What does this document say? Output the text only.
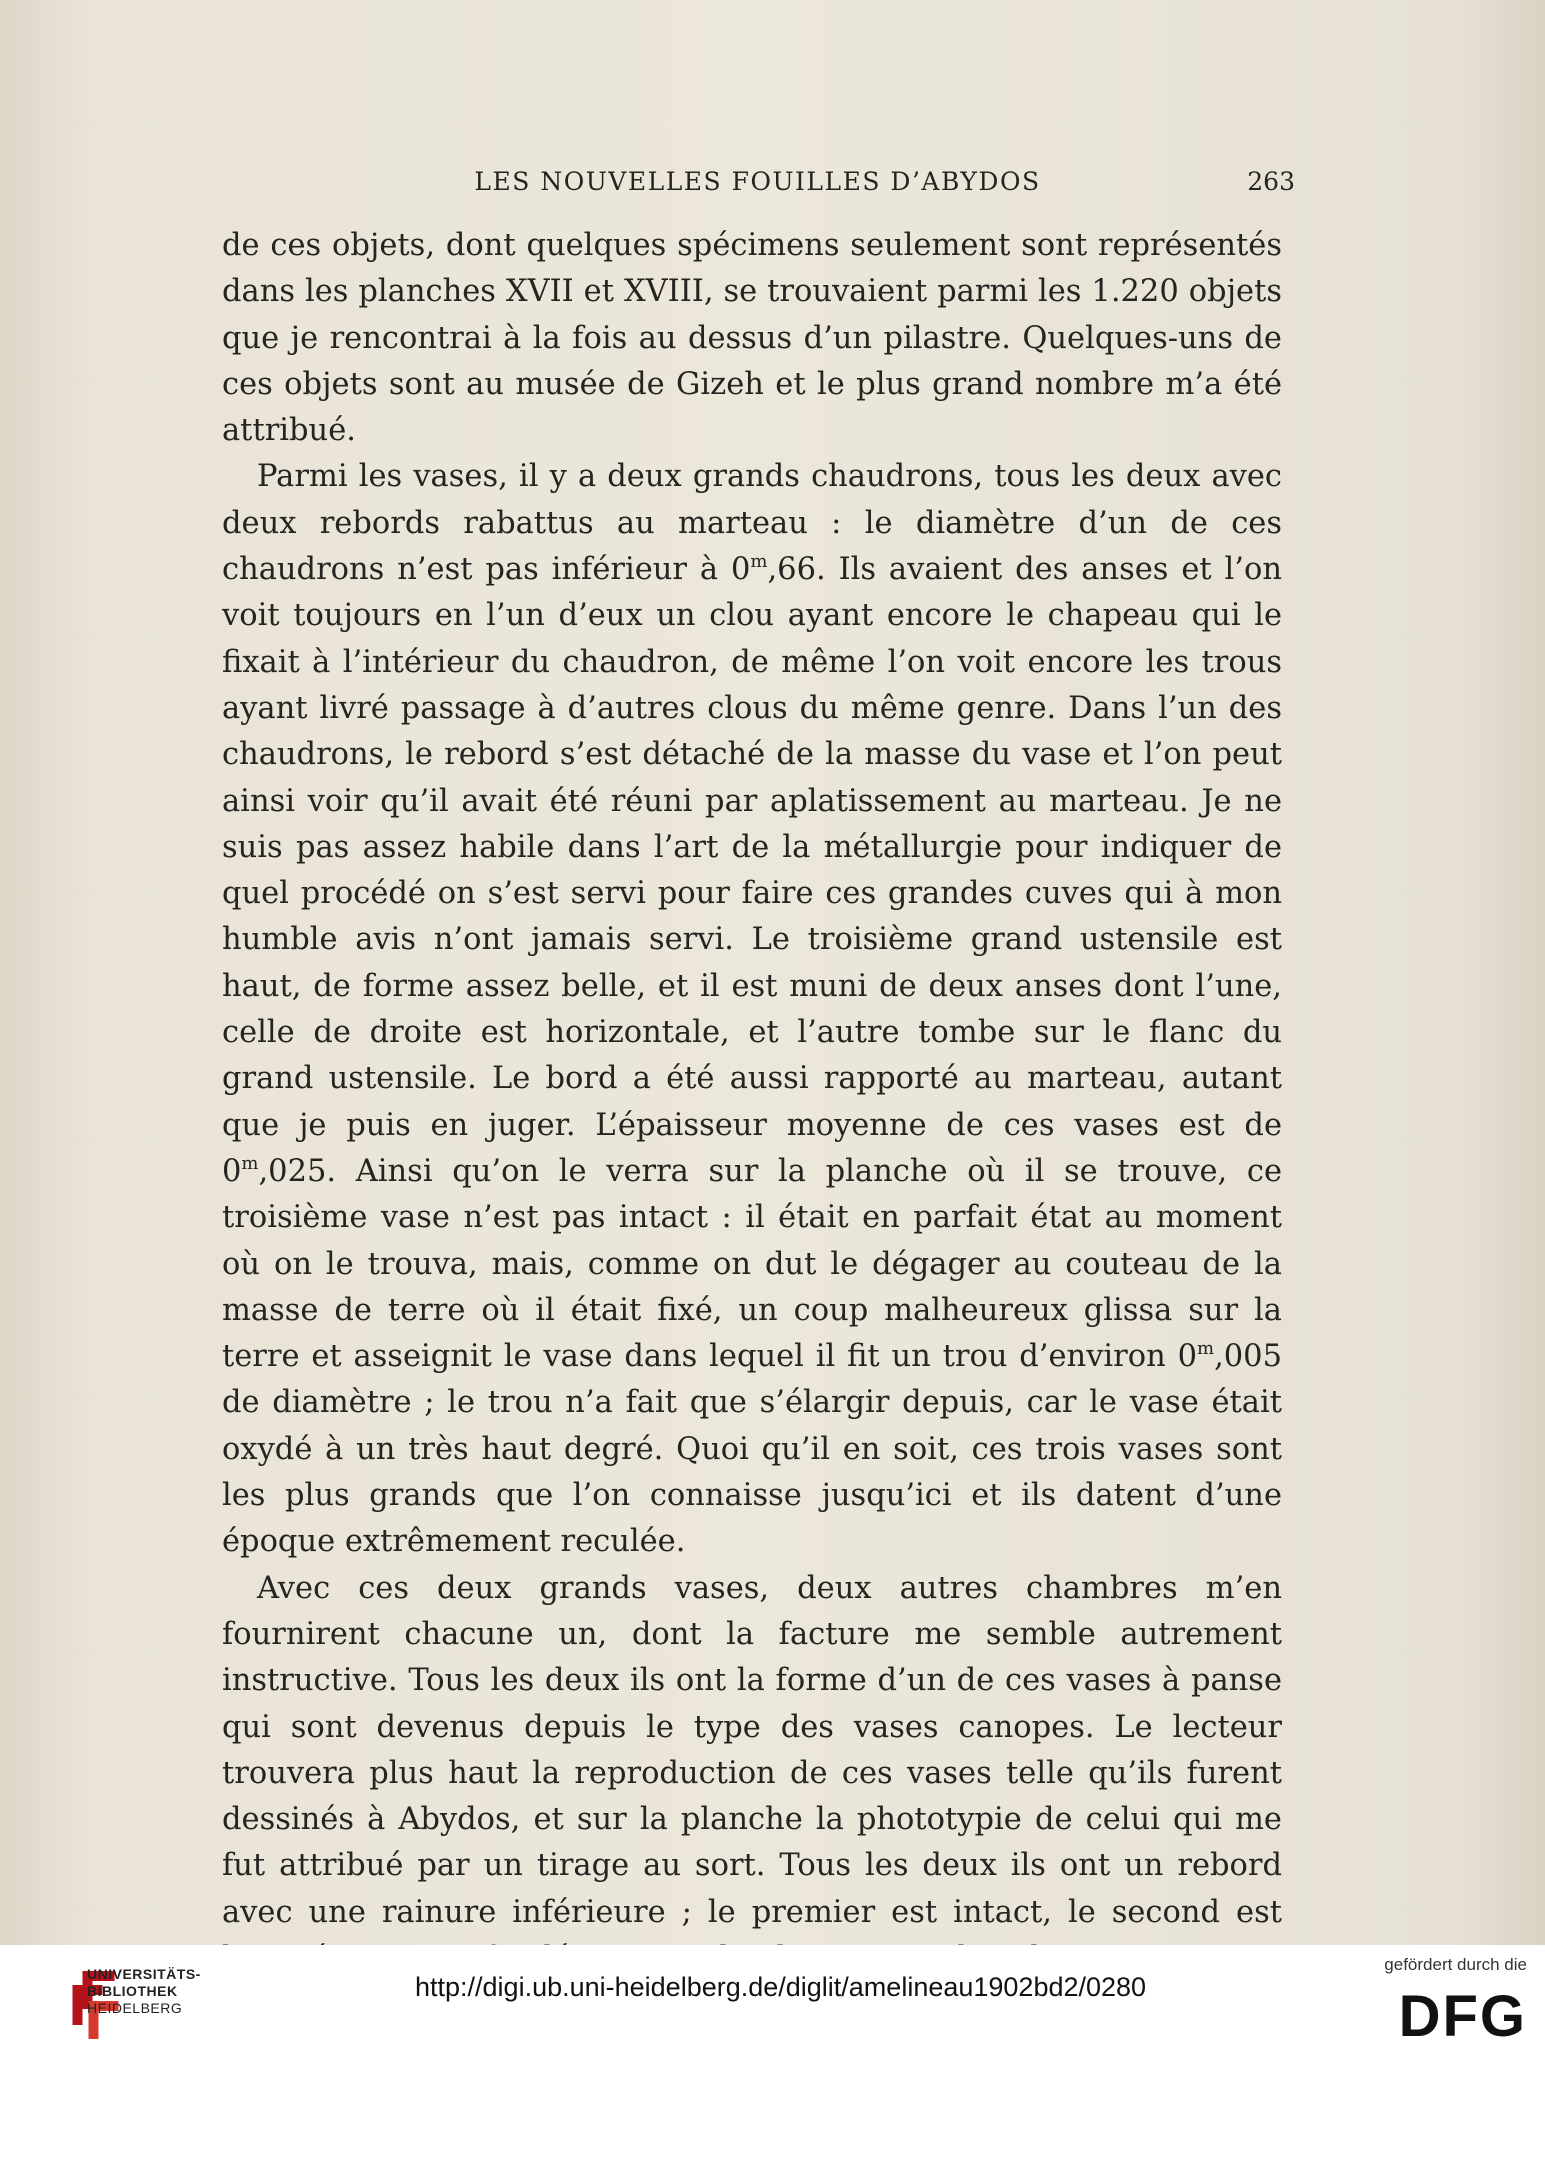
LES NOUVELLES FOUILLES D’ABYDOS	263

de ces objets, dont quelques spécimens seulement sont représentés dans les planches XVII et XVIII, se trouvaient parmi les 1.220 objets que je rencontrai à la fois au dessus d’un pilastre. Quelques-uns de ces objets sont au musée de Gizeh et le plus grand nombre m’a été attribué.

Parmi les vases, il y a deux grands chaudrons, tous les deux avec deux rebords rabattus au marteau : le diamètre d’un de ces chaudrons n’est pas inférieur à 0$^m$,66. Ils avaient des anses et l’on voit toujours en l’un d’eux un clou ayant encore le chapeau qui le fixait à l’intérieur du chaudron, de même l’on voit encore les trous ayant livré passage à d’autres clous du même genre. Dans l’un des chaudrons, le rebord s’est détaché de la masse du vase et l’on peut ainsi voir qu’il avait été réuni par aplatissement au marteau. Je ne suis pas assez habile dans l’art de la métallurgie pour indiquer de quel procédé on s’est servi pour faire ces grandes cuves qui à mon humble avis n’ont jamais servi. Le troisième grand ustensile est haut, de forme assez belle, et il est muni de deux anses dont l’une, celle de droite est horizontale, et l’autre tombe sur le flanc du grand ustensile. Le bord a été aussi rapporté au marteau, autant que je puis en juger. L’épaisseur moyenne de ces vases est de 0$^m$,025. Ainsi qu’on le verra sur la planche où il se trouve, ce troisième vase n’est pas intact : il était en parfait état au moment où on le trouva, mais, comme on dut le dégager au couteau de la masse de terre où il était fixé, un coup malheureux glissa sur la terre et asseignit le vase dans lequel il fit un trou d’environ 0$^m$,005 de diamètre ; le trou n’a fait que s’élargir depuis, car le vase était oxydé à un très haut degré. Quoi qu’il en soit, ces trois vases sont les plus grands que l’on connaisse jusqu’ici et ils datent d’une époque extrêmement reculée.

Avec ces deux grands vases, deux autres chambres m’en fournirent chacune un, dont la facture me semble autrement instructive. Tous les deux ils ont la forme d’un de ces vases à panse qui sont devenus depuis le type des vases canopes. Le lecteur trouvera plus haut la reproduction de ces vases telle qu’ils furent dessinés à Abydos, et sur la planche la phototypie de celui qui me fut attribué par un tirage au sort. Tous les deux ils ont un rebord avec une rainure inférieure ; le premier est intact, le second est

UNIVERSITÄTS-
BIBLIOTHEK
HEIDELBERG
http://digi.ub.uni-heidelberg.de/diglit/amelineau1902bd2/0280
gefördert durch die
DFG
